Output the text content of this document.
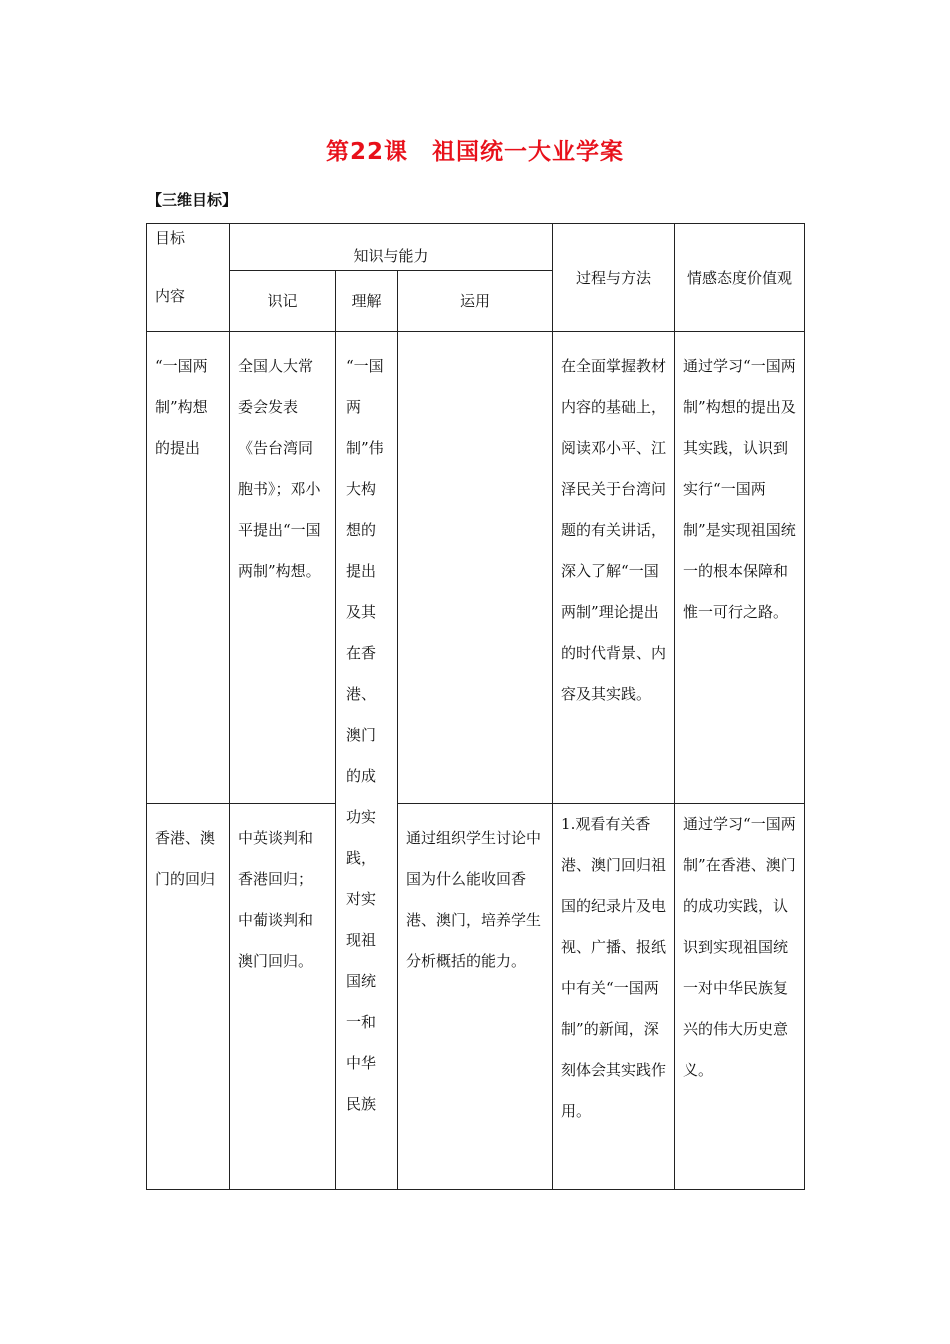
第22课　祖国统一大业学案
【三维目标】
目标
内容	知识与能力			过程与方法	情感态度价值观
	识记	理解	运用		

“一国两制”构想的提出	全国人大常委会发表《告台湾同胞书》；邓小平提出“一国两制”构想。	“一国两制”伟大构想的提出及其在香港、澳门的成功实践，对实现祖国统一和中华民族		在全面掌握教材内容的基础上，阅读邓小平、江泽民关于台湾问题的有关讲话，深入了解“一国两制”理论提出的时代背景、内容及其实践。	通过学习“一国两制”构想的提出及其实践，认识到实行“一国两制”是实现祖国统一的根本保障和惟一可行之路。

香港、澳门的回归	中英谈判和香港回归；中葡谈判和澳门回归。		通过组织学生讨论中国为什么能收回香港、澳门，培养学生分析概括的能力。	1.观看有关香港、澳门回归祖国的纪录片及电视、广播、报纸中有关“一国两制”的新闻，深刻体会其实践作用。	通过学习“一国两制”在香港、澳门的成功实践，认识到实现祖国统一对中华民族复兴的伟大历史意义。
